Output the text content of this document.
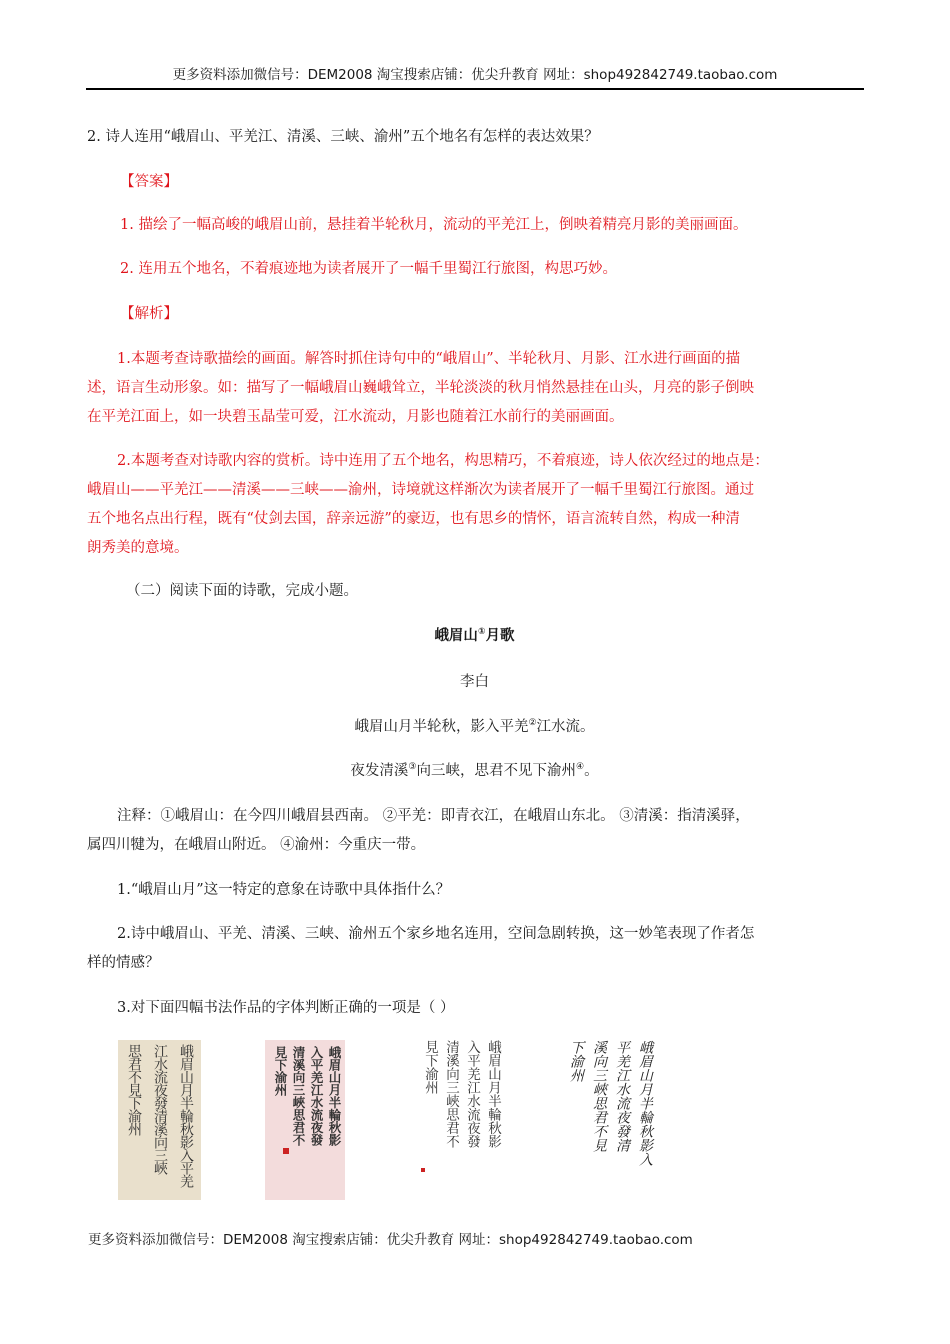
更多资料添加微信号：DEM2008 淘宝搜索店铺：优尖升教育 网址：shop492842749.taobao.com

2. 诗人连用“峨眉山、平羌江、清溪、三峡、渝州”五个地名有怎样的表达效果？

【答案】

1. 描绘了一幅高峻的峨眉山前，悬挂着半轮秋月，流动的平羌江上，倒映着精亮月影的美丽画面。

2. 连用五个地名，不着痕迹地为读者展开了一幅千里蜀江行旅图，构思巧妙。

【解析】

1.本题考查诗歌描绘的画面。解答时抓住诗句中的“峨眉山”、半轮秋月、月影、江水进行画面的描
述，语言生动形象。如：描写了一幅峨眉山巍峨耸立，半轮淡淡的秋月悄然悬挂在山头，月亮的影子倒映
在平羌江面上，如一块碧玉晶莹可爱，江水流动，月影也随着江水前行的美丽画面。
2.本题考查对诗歌内容的赏析。诗中连用了五个地名，构思精巧，不着痕迹，诗人依次经过的地点是：
峨眉山——平羌江——清溪——三峡——渝州，诗境就这样渐次为读者展开了一幅千里蜀江行旅图。通过
五个地名点出行程，既有“仗剑去国，辞亲远游”的豪迈，也有思乡的情怀，语言流转自然，构成一种清
朗秀美的意境。

（二）阅读下面的诗歌，完成小题。

峨眉山①月歌

李白

峨眉山月半轮秋，影入平羌②江水流。

夜发清溪③向三峡，思君不见下渝州④。

注释：①峨眉山：在今四川峨眉县西南。 ②平羌：即青衣江，在峨眉山东北。 ③清溪：指清溪驿，
属四川犍为，在峨眉山附近。 ④渝州：今重庆一带。

1.“峨眉山月”这一特定的意象在诗歌中具体指什么？

2.诗中峨眉山、平羌、清溪、三峡、渝州五个家乡地名连用，空间急剧转换，这一妙笔表现了作者怎
样的情感？

3.对下面四幅书法作品的字体判断正确的一项是（ ）

峨眉山月半輪秋影入平羌
江水流夜發清溪向三峽
思君不見下渝州	峨眉山月半輪秋影
入平羌江水流夜發
清溪向三峽思君不
見下渝州	峨眉山月半輪秋影
入平羌江水流夜發
清溪向三峽思君不
見下渝州	峨眉山月半輪秋影入
平羌江水流夜發清
溪向三峽思君不見
下渝州
更多资料添加微信号：DEM2008 淘宝搜索店铺：优尖升教育 网址：shop492842749.taobao.com
